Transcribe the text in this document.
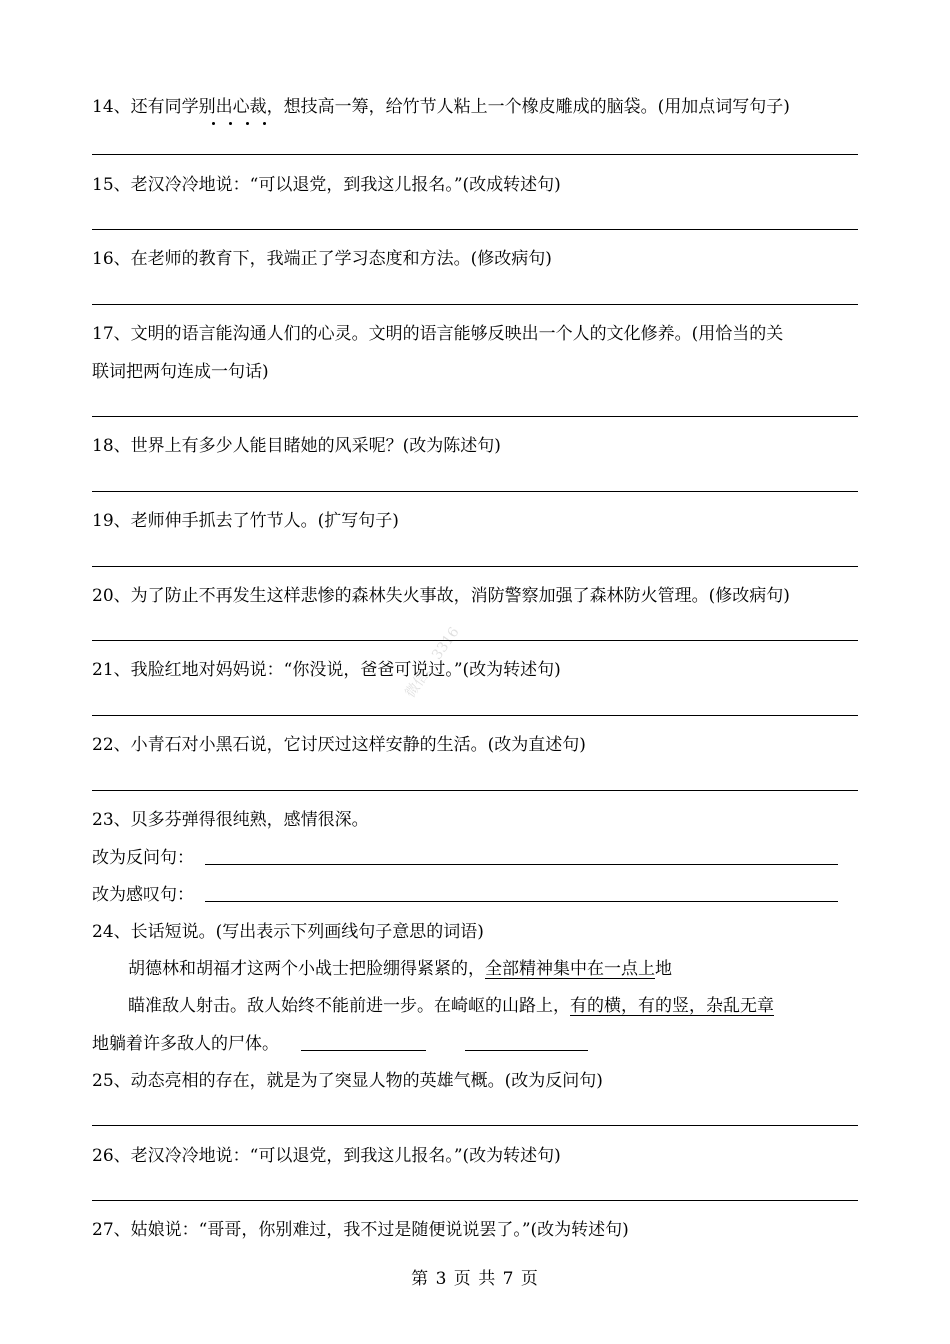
14、还有同学别出心裁，想技高一筹，给竹节人粘上一个橡皮雕成的脑袋。(用加点词写句子)
15、老汉冷冷地说：“可以退党，到我这儿报名。”(改成转述句)
16、在老师的教育下，我端正了学习态度和方法。(修改病句)
17、文明的语言能沟通人们的心灵。文明的语言能够反映出一个人的文化修养。(用恰当的关
联词把两句连成一句话)
18、世界上有多少人能目睹她的风采呢？(改为陈述句)
19、老师伸手抓去了竹节人。(扩写句子)
20、为了防止不再发生这样悲惨的森林失火事故，消防警察加强了森林防火管理。(修改病句)
21、我脸红地对妈妈说：“你没说，爸爸可说过。”(改为转述句)
22、小青石对小黑石说，它讨厌过这样安静的生活。(改为直述句)
23、贝多芬弹得很纯熟，感情很深。
改为反问句：
改为感叹句：
24、长话短说。(写出表示下列画线句子意思的词语)
胡德林和胡福才这两个小战士把脸绷得紧紧的，全部精神集中在一点上地
瞄准敌人射击。敌人始终不能前进一步。在崎岖的山路上，有的横，有的竖，杂乱无章
地躺着许多敌人的尸体。
25、动态亮相的存在，就是为了突显人物的英雄气概。(改为反问句)
26、老汉冷冷地说：“可以退党，到我这儿报名。”(改为转述句)
27、姑娘说：“哥哥，你别难过，我不过是随便说说罢了。”(改为转述句)
微信： 3316
第 3 页 共 7 页
